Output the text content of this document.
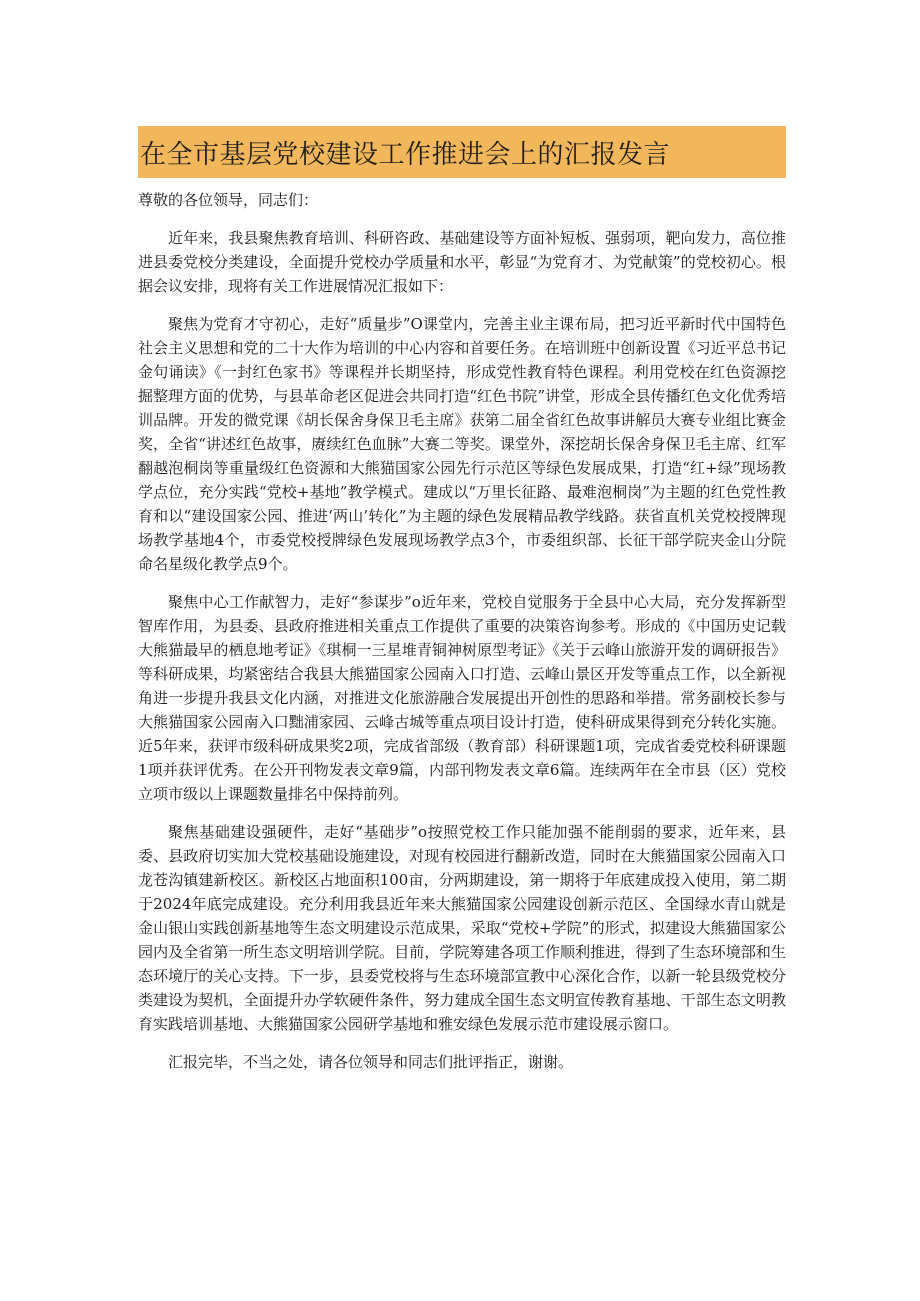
在全市基层党校建设工作推进会上的汇报发言

尊敬的各位领导，同志们：

近年来，我县聚焦教育培训、科研咨政、基础建设等方面补短板、强弱项，靶向发力，高位推进县委党校分类建设，全面提升党校办学质量和水平，彰显“为党育才、为党献策”的党校初心。根据会议安排，现将有关工作进展情况汇报如下：

聚焦为党育才守初心，走好“质量步”O课堂内，完善主业主课布局，把习近平新时代中国特色社会主义思想和党的二十大作为培训的中心内容和首要任务。在培训班中创新设置《习近平总书记金句诵读》《一封红色家书》等课程并长期坚持，形成党性教育特色课程。利用党校在红色资源挖掘整理方面的优势，与县革命老区促进会共同打造“红色书院”讲堂，形成全县传播红色文化优秀培训品牌。开发的微党课《胡长保舍身保卫毛主席》获第二届全省红色故事讲解员大赛专业组比赛金奖，全省“讲述红色故事，赓续红色血脉”大赛二等奖。课堂外，深挖胡长保舍身保卫毛主席、红军翻越泡桐岗等重量级红色资源和大熊猫国家公园先行示范区等绿色发展成果，打造“红+绿”现场教学点位，充分实践“党校+基地”教学模式。建成以“万里长征路、最难泡桐岗”为主题的红色党性教育和以“建设国家公园、推进‘两山’转化”为主题的绿色发展精品教学线路。获省直机关党校授牌现场教学基地4个，市委党校授牌绿色发展现场教学点3个，市委组织部、长征干部学院夹金山分院命名星级化教学点9个。

聚焦中心工作献智力，走好“参谋步”o近年来，党校自觉服务于全县中心大局，充分发挥新型智库作用，为县委、县政府推进相关重点工作提供了重要的决策咨询参考。形成的《中国历史记载大熊猫最早的栖息地考证》《琪桐一三星堆青铜神树原型考证》《关于云峰山旅游开发的调研报告》等科研成果，均紧密结合我县大熊猫国家公园南入口打造、云峰山景区开发等重点工作，以全新视角进一步提升我县文化内涵，对推进文化旅游融合发展提出开创性的思路和举措。常务副校长参与大熊猫国家公园南入口黜浦家园、云峰古城等重点项目设计打造，使科研成果得到充分转化实施。近5年来，获评市级科研成果奖2项，完成省部级（教育部）科研课题1项，完成省委党校科研课题1项并获评优秀。在公开刊物发表文章9篇，内部刊物发表文章6篇。连续两年在全市县（区）党校立项市级以上课题数量排名中保持前列。

聚焦基础建设强硬件，走好“基础步”o按照党校工作只能加强不能削弱的要求，近年来，县委、县政府切实加大党校基础设施建设，对现有校园进行翻新改造，同时在大熊猫国家公园南入口龙苍沟镇建新校区。新校区占地面积100亩，分两期建设，第一期将于年底建成投入使用，第二期于2024年底完成建设。充分利用我县近年来大熊猫国家公园建设创新示范区、全国绿水青山就是金山银山实践创新基地等生态文明建设示范成果，采取“党校+学院”的形式，拟建设大熊猫国家公园内及全省第一所生态文明培训学院。目前，学院筹建各项工作顺利推进，得到了生态环境部和生态环境厅的关心支持。下一步，县委党校将与生态环境部宣教中心深化合作，以新一轮县级党校分类建设为契机，全面提升办学软硬件条件，努力建成全国生态文明宣传教育基地、干部生态文明教育实践培训基地、大熊猫国家公园研学基地和雅安绿色发展示范市建设展示窗口。

汇报完毕，不当之处，请各位领导和同志们批评指正，谢谢。
